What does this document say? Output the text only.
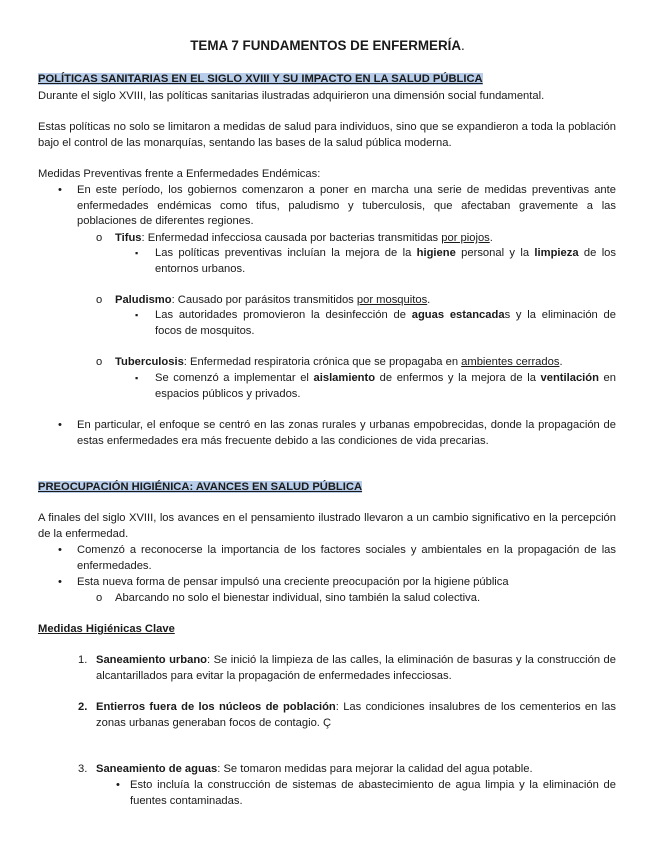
TEMA 7 FUNDAMENTOS DE ENFERMERÍA.
POLÍTICAS SANITARIAS EN EL SIGLO XVIII Y SU IMPACTO EN LA SALUD PÚBLICA
Durante el siglo XVIII, las políticas sanitarias ilustradas adquirieron una dimensión social fundamental.
Estas políticas no solo se limitaron a medidas de salud para individuos, sino que se expandieron a toda la población bajo el control de las monarquías, sentando las bases de la salud pública moderna.
Medidas Preventivas frente a Enfermedades Endémicas:
• En este período, los gobiernos comenzaron a poner en marcha una serie de medidas preventivas ante enfermedades endémicas como tifus, paludismo y tuberculosis, que afectaban gravemente a las poblaciones de diferentes regiones.
o Tifus: Enfermedad infecciosa causada por bacterias transmitidas por piojos.
▪ Las políticas preventivas incluían la mejora de la higiene personal y la limpieza de los entornos urbanos.
o Paludismo: Causado por parásitos transmitidos por mosquitos.
▪ Las autoridades promovieron la desinfección de aguas estancadas y la eliminación de focos de mosquitos.
o Tuberculosis: Enfermedad respiratoria crónica que se propagaba en ambientes cerrados.
▪ Se comenzó a implementar el aislamiento de enfermos y la mejora de la ventilación en espacios públicos y privados.
• En particular, el enfoque se centró en las zonas rurales y urbanas empobrecidas, donde la propagación de estas enfermedades era más frecuente debido a las condiciones de vida precarias.
PREOCUPACIÓN HIGIÉNICA: AVANCES EN SALUD PÚBLICA
A finales del siglo XVIII, los avances en el pensamiento ilustrado llevaron a un cambio significativo en la percepción de la enfermedad.
• Comenzó a reconocerse la importancia de los factores sociales y ambientales en la propagación de las enfermedades.
• Esta nueva forma de pensar impulsó una creciente preocupación por la higiene pública
o Abarcando no solo el bienestar individual, sino también la salud colectiva.
Medidas Higiénicas Clave
1. Saneamiento urbano: Se inició la limpieza de las calles, la eliminación de basuras y la construcción de alcantarillados para evitar la propagación de enfermedades infecciosas.
2. Entierros fuera de los núcleos de población: Las condiciones insalubres de los cementerios en las zonas urbanas generaban focos de contagio. Ç
3. Saneamiento de aguas: Se tomaron medidas para mejorar la calidad del agua potable.
• Esto incluía la construcción de sistemas de abastecimiento de agua limpia y la eliminación de fuentes contaminadas.
